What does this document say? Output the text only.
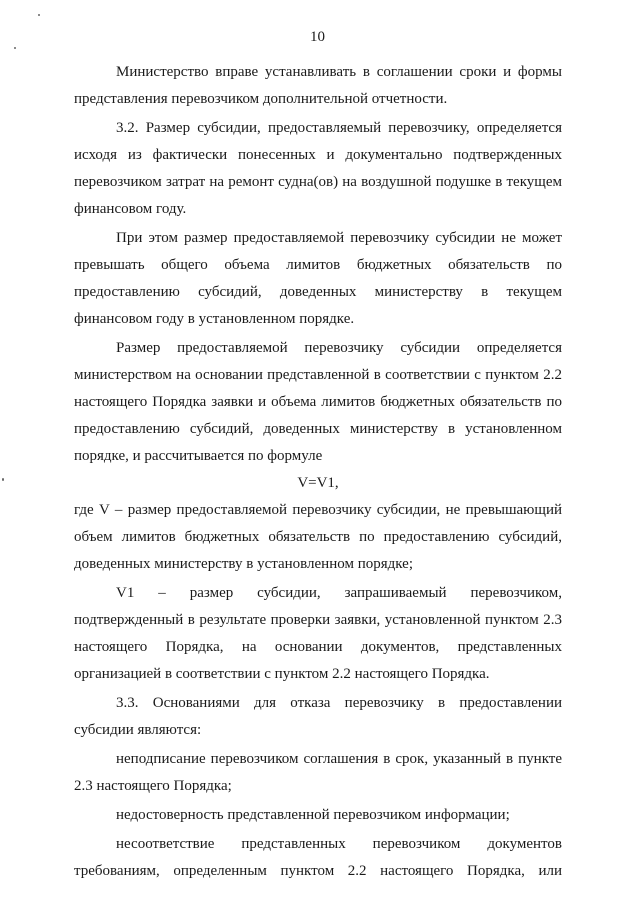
10

Министерство вправе устанавливать в соглашении сроки и формы представления перевозчиком дополнительной отчетности.

3.2. Размер субсидии, предоставляемый перевозчику, определяется исходя из фактически понесенных и документально подтвержденных перевозчиком затрат на ремонт судна(ов) на воздушной подушке в текущем финансовом году.

При этом размер предоставляемой перевозчику субсидии не может превышать общего объема лимитов бюджетных обязательств по предоставлению субсидий, доведенных министерству в текущем финансовом году в установленном порядке.

Размер предоставляемой перевозчику субсидии определяется министерством на основании представленной в соответствии с пунктом 2.2 настоящего Порядка заявки и объема лимитов бюджетных обязательств по предоставлению субсидий, доведенных министерству в установленном порядке, и рассчитывается по формуле

V=V1,

где V – размер предоставляемой перевозчику субсидии, не превышающий объем лимитов бюджетных обязательств по предоставлению субсидий, доведенных министерству в установленном порядке;

V1 – размер субсидии, запрашиваемый перевозчиком, подтвержденный в результате проверки заявки, установленной пунктом 2.3 настоящего Порядка, на основании документов, представленных организацией в соответствии с пунктом 2.2 настоящего Порядка.

3.3. Основаниями для отказа перевозчику в предоставлении субсидии являются:

неподписание перевозчиком соглашения в срок, указанный в пункте 2.3 настоящего Порядка;

недостоверность представленной перевозчиком информации;

несоответствие представленных перевозчиком документов требованиям, определенным пунктом 2.2 настоящего Порядка, или
